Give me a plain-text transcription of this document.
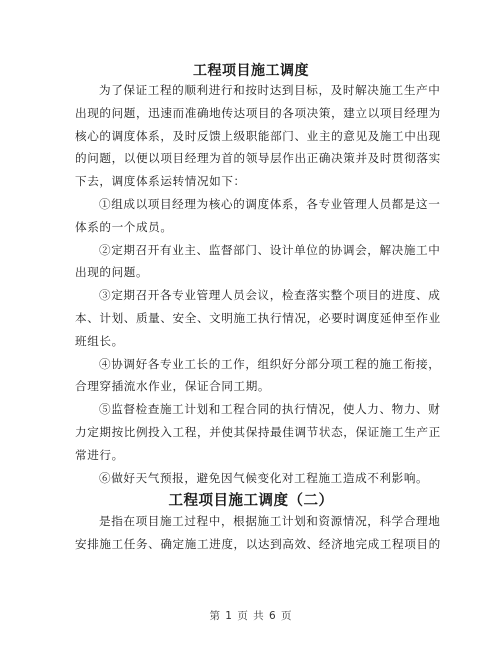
工程项目施工调度
为了保证工程的顺利进行和按时达到目标，及时解决施工生产中
出现的问题，迅速而准确地传达项目的各项决策，建立以项目经理为
核心的调度体系，及时反馈上级职能部门、业主的意见及施工中出现
的问题，以便以项目经理为首的领导层作出正确决策并及时贯彻落实
下去，调度体系运转情况如下：
①组成以项目经理为核心的调度体系，各专业管理人员都是这一
体系的一个成员。
②定期召开有业主、监督部门、设计单位的协调会，解决施工中
出现的问题。
③定期召开各专业管理人员会议，检查落实整个项目的进度、成
本、计划、质量、安全、文明施工执行情况，必要时调度延伸至作业
班组长。
④协调好各专业工长的工作，组织好分部分项工程的施工衔接，
合理穿插流水作业，保证合同工期。
⑤监督检查施工计划和工程合同的执行情况，使人力、物力、财
力定期按比例投入工程，并使其保持最佳调节状态，保证施工生产正
常进行。
⑥做好天气预报，避免因气候变化对工程施工造成不利影响。
工程项目施工调度（二）
是指在项目施工过程中，根据施工计划和资源情况，科学合理地
安排施工任务、确定施工进度，以达到高效、经济地完成工程项目的
第 1 页 共 6 页
